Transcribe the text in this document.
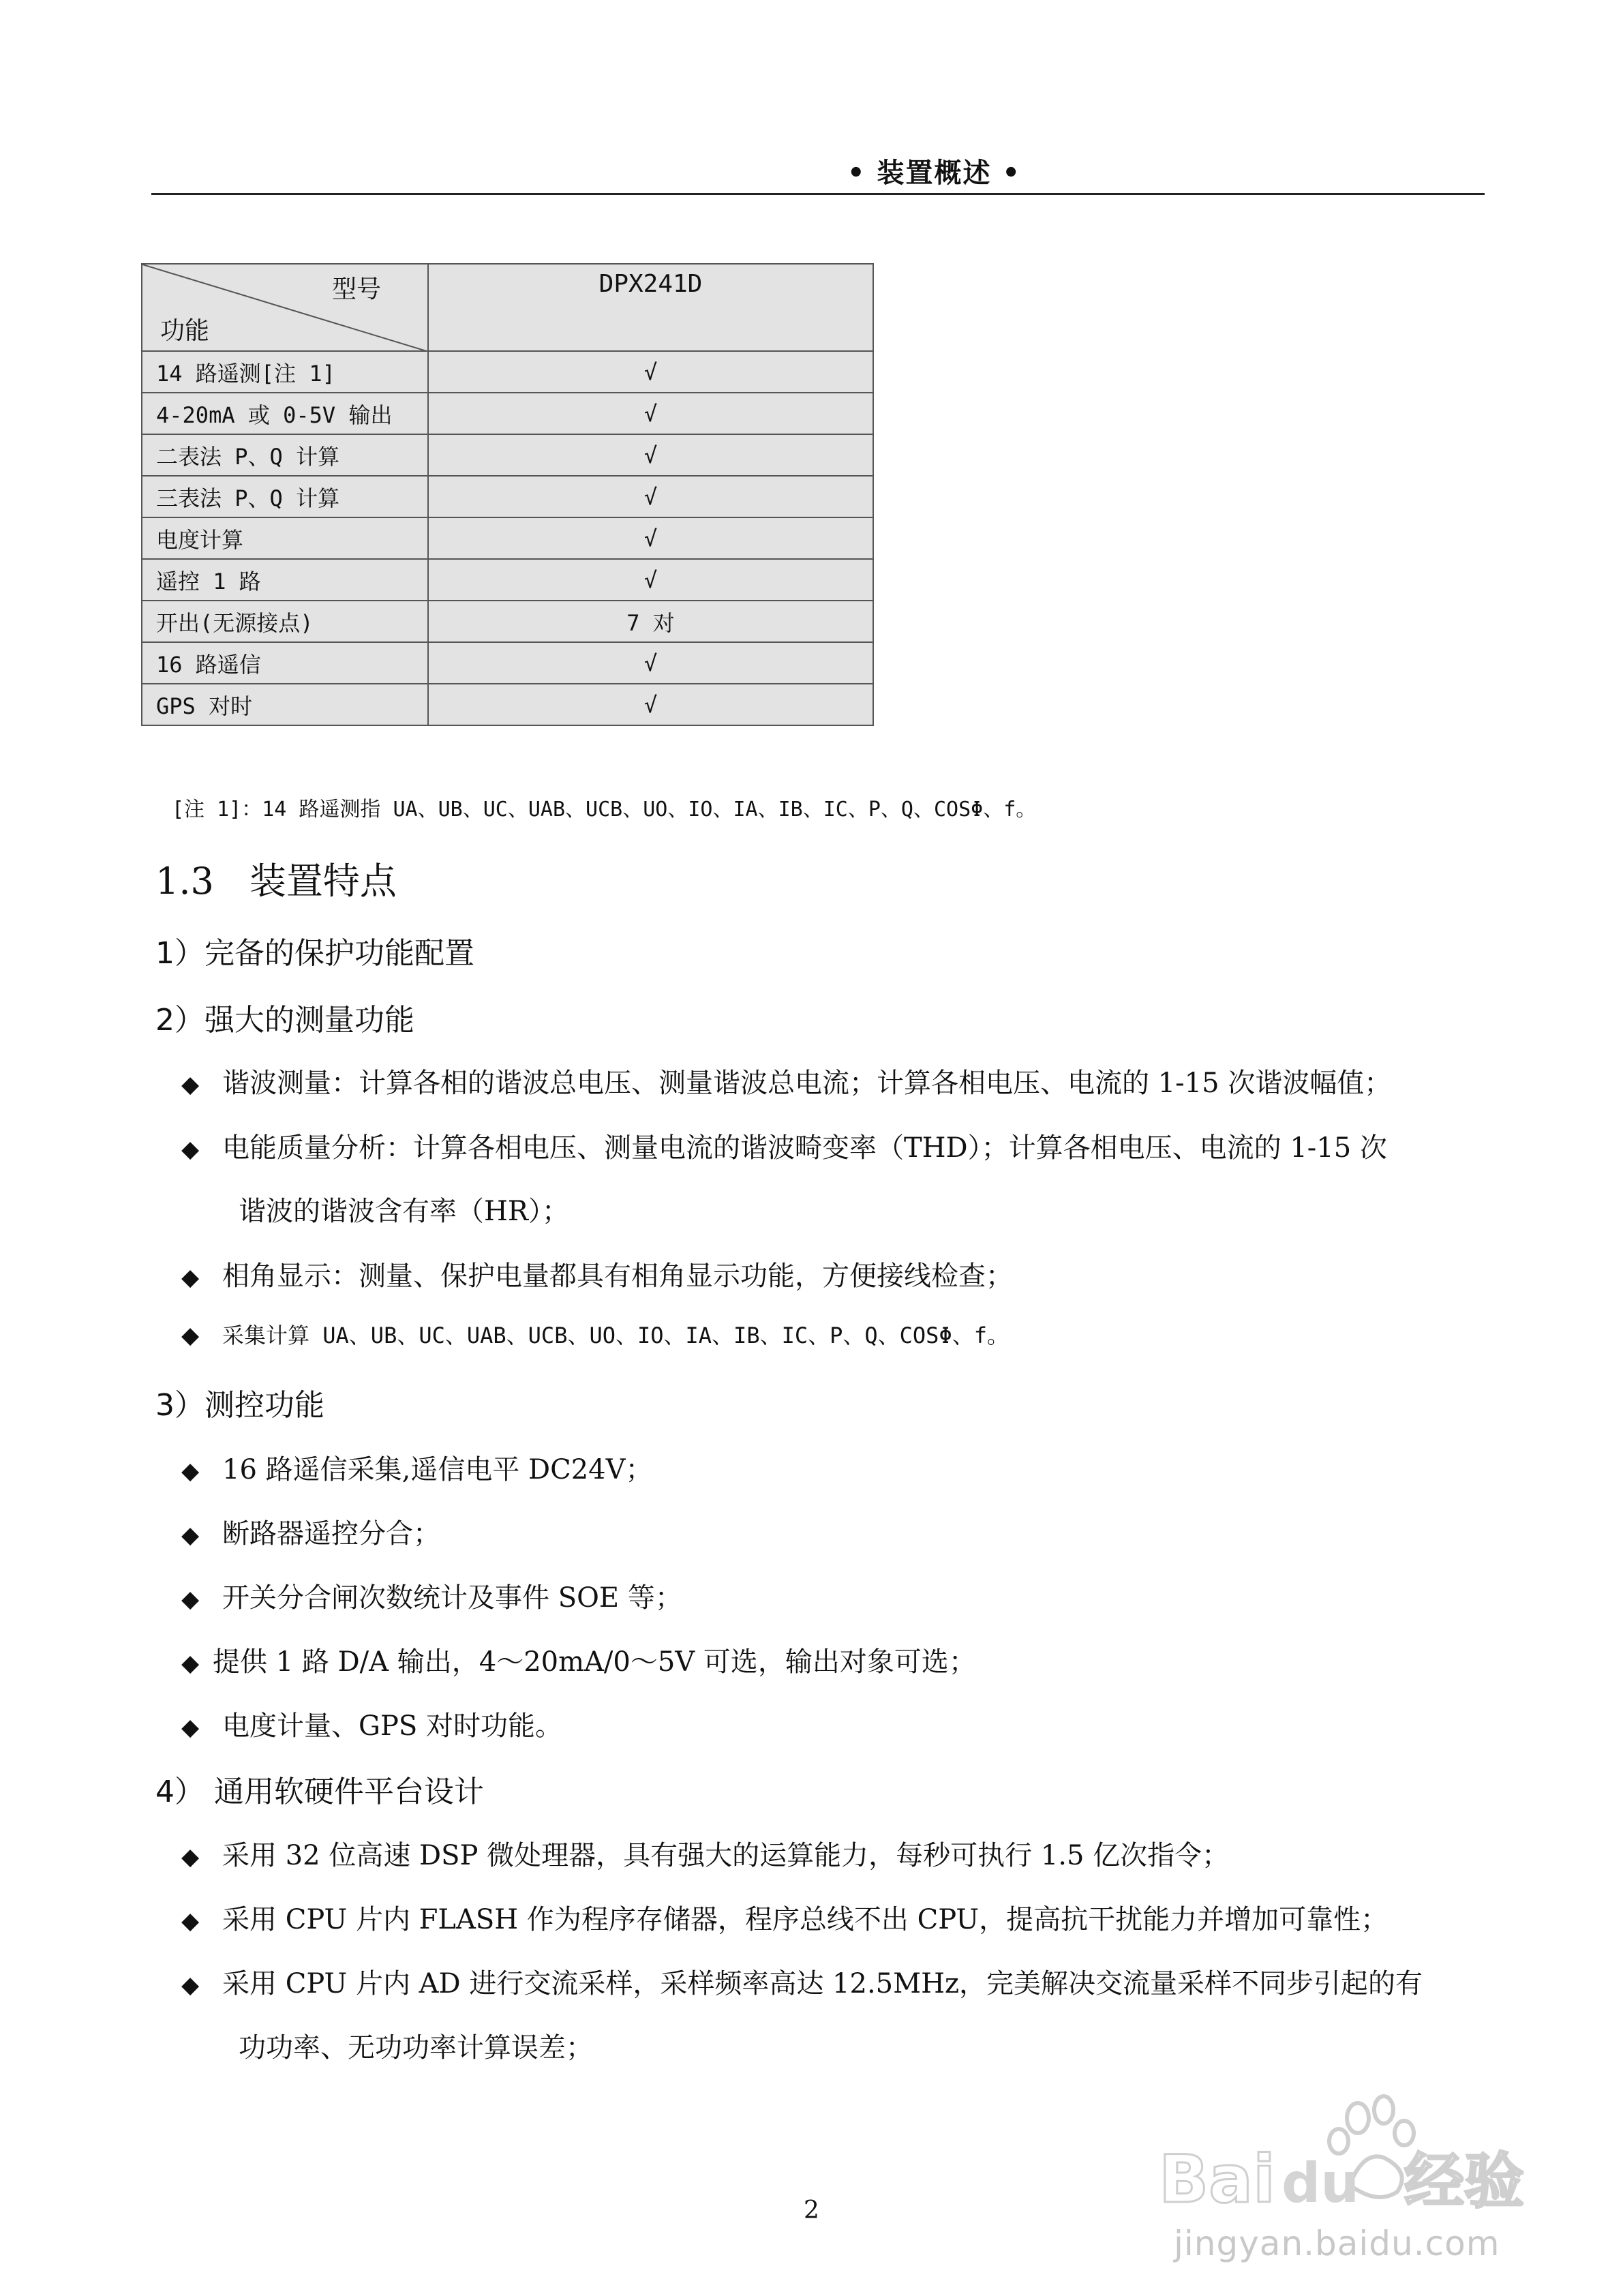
• 装置概述 •
型号
功能	DPX241D
14 路遥测[注 1]	√
4-20mA 或 0-5V 输出	√
二表法 P、Q 计算	√
三表法 P、Q 计算	√
电度计算	√
遥控 1 路	√
开出(无源接点)	7 对
16 路遥信	√
GPS 对时	√
[注 1]：14 路遥测指 UA、UB、UC、UAB、UCB、UO、IO、IA、IB、IC、P、Q、COSΦ、f。
1.3 装置特点
1）完备的保护功能配置
2）强大的测量功能
◆ 谐波测量：计算各相的谐波总电压、测量谐波总电流；计算各相电压、电流的 1-15 次谐波幅值；
◆ 电能质量分析：计算各相电压、测量电流的谐波畸变率（THD）；计算各相电压、电流的 1-15 次
谐波的谐波含有率（HR）；
◆ 相角显示：测量、保护电量都具有相角显示功能，方便接线检查；
◆ 采集计算 UA、UB、UC、UAB、UCB、UO、IO、IA、IB、IC、P、Q、COSΦ、f。
3）测控功能
◆ 16 路遥信采集,遥信电平 DC24V；
◆ 断路器遥控分合；
◆ 开关分合闸次数统计及事件 SOE 等；
◆ 提供 1 路 D/A 输出，4～20mA/0～5V 可选，输出对象可选；
◆ 电度计量、GPS 对时功能。
4） 通用软硬件平台设计
◆ 采用 32 位高速 DSP 微处理器，具有强大的运算能力，每秒可执行 1.5 亿次指令；
◆ 采用 CPU 片内 FLASH 作为程序存储器，程序总线不出 CPU，提高抗干扰能力并增加可靠性；
◆ 采用 CPU 片内 AD 进行交流采样，采样频率高达 12.5MHz，完美解决交流量采样不同步引起的有
功功率、无功功率计算误差；
2	Bai 经验
du
jingyan.baidu.com
